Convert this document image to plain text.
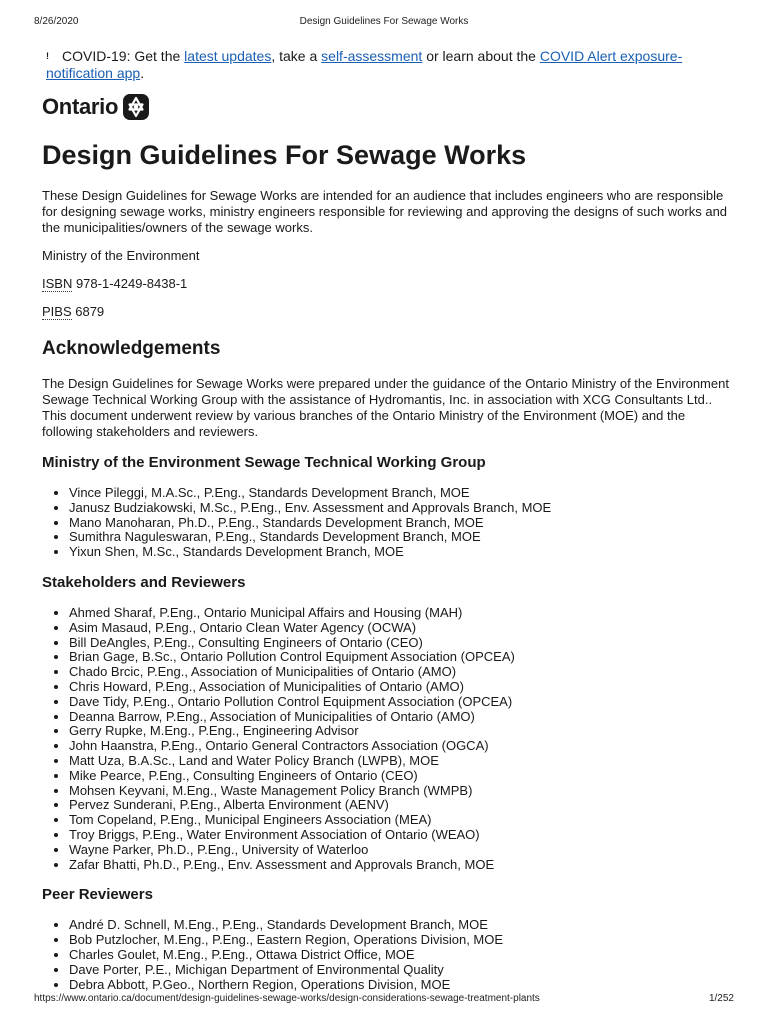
8/26/2020	Design Guidelines For Sewage Works
! COVID-19: Get the latest updates, take a self-assessment or learn about the COVID Alert exposure-notification app.
Ontario
Design Guidelines For Sewage Works

These Design Guidelines for Sewage Works are intended for an audience that includes engineers who are responsible for designing sewage works, ministry engineers responsible for reviewing and approving the designs of such works and the municipalities/owners of the sewage works.

Ministry of the Environment

ISBN 978-1-4249-8438-1

PIBS 6879

Acknowledgements

The Design Guidelines for Sewage Works were prepared under the guidance of the Ontario Ministry of the Environment Sewage Technical Working Group with the assistance of Hydromantis, Inc. in association with XCG Consultants Ltd.. This document underwent review by various branches of the Ontario Ministry of the Environment (MOE) and the following stakeholders and reviewers.

Ministry of the Environment Sewage Technical Working Group
• Vince Pileggi, M.A.Sc., P.Eng., Standards Development Branch, MOE
• Janusz Budziakowski, M.Sc., P.Eng., Env. Assessment and Approvals Branch, MOE
• Mano Manoharan, Ph.D., P.Eng., Standards Development Branch, MOE
• Sumithra Naguleswaran, P.Eng., Standards Development Branch, MOE
• Yixun Shen, M.Sc., Standards Development Branch, MOE
Stakeholders and Reviewers
• Ahmed Sharaf, P.Eng., Ontario Municipal Affairs and Housing (MAH)
• Asim Masaud, P.Eng., Ontario Clean Water Agency (OCWA)
• Bill DeAngles, P.Eng., Consulting Engineers of Ontario (CEO)
• Brian Gage, B.Sc., Ontario Pollution Control Equipment Association (OPCEA)
• Chado Brcic, P.Eng., Association of Municipalities of Ontario (AMO)
• Chris Howard, P.Eng., Association of Municipalities of Ontario (AMO)
• Dave Tidy, P.Eng., Ontario Pollution Control Equipment Association (OPCEA)
• Deanna Barrow, P.Eng., Association of Municipalities of Ontario (AMO)
• Gerry Rupke, M.Eng., P.Eng., Engineering Advisor
• John Haanstra, P.Eng., Ontario General Contractors Association (OGCA)
• Matt Uza, B.A.Sc., Land and Water Policy Branch (LWPB), MOE
• Mike Pearce, P.Eng., Consulting Engineers of Ontario (CEO)
• Mohsen Keyvani, M.Eng., Waste Management Policy Branch (WMPB)
• Pervez Sunderani, P.Eng., Alberta Environment (AENV)
• Tom Copeland, P.Eng., Municipal Engineers Association (MEA)
• Troy Briggs, P.Eng., Water Environment Association of Ontario (WEAO)
• Wayne Parker, Ph.D., P.Eng., University of Waterloo
• Zafar Bhatti, Ph.D., P.Eng., Env. Assessment and Approvals Branch, MOE
Peer Reviewers
• André D. Schnell, M.Eng., P.Eng., Standards Development Branch, MOE
• Bob Putzlocher, M.Eng., P.Eng., Eastern Region, Operations Division, MOE
• Charles Goulet, M.Eng., P.Eng., Ottawa District Office, MOE
• Dave Porter, P.E., Michigan Department of Environmental Quality
• Debra Abbott, P.Geo., Northern Region, Operations Division, MOE
https://www.ontario.ca/document/design-guidelines-sewage-works/design-considerations-sewage-treatment-plants	1/252
